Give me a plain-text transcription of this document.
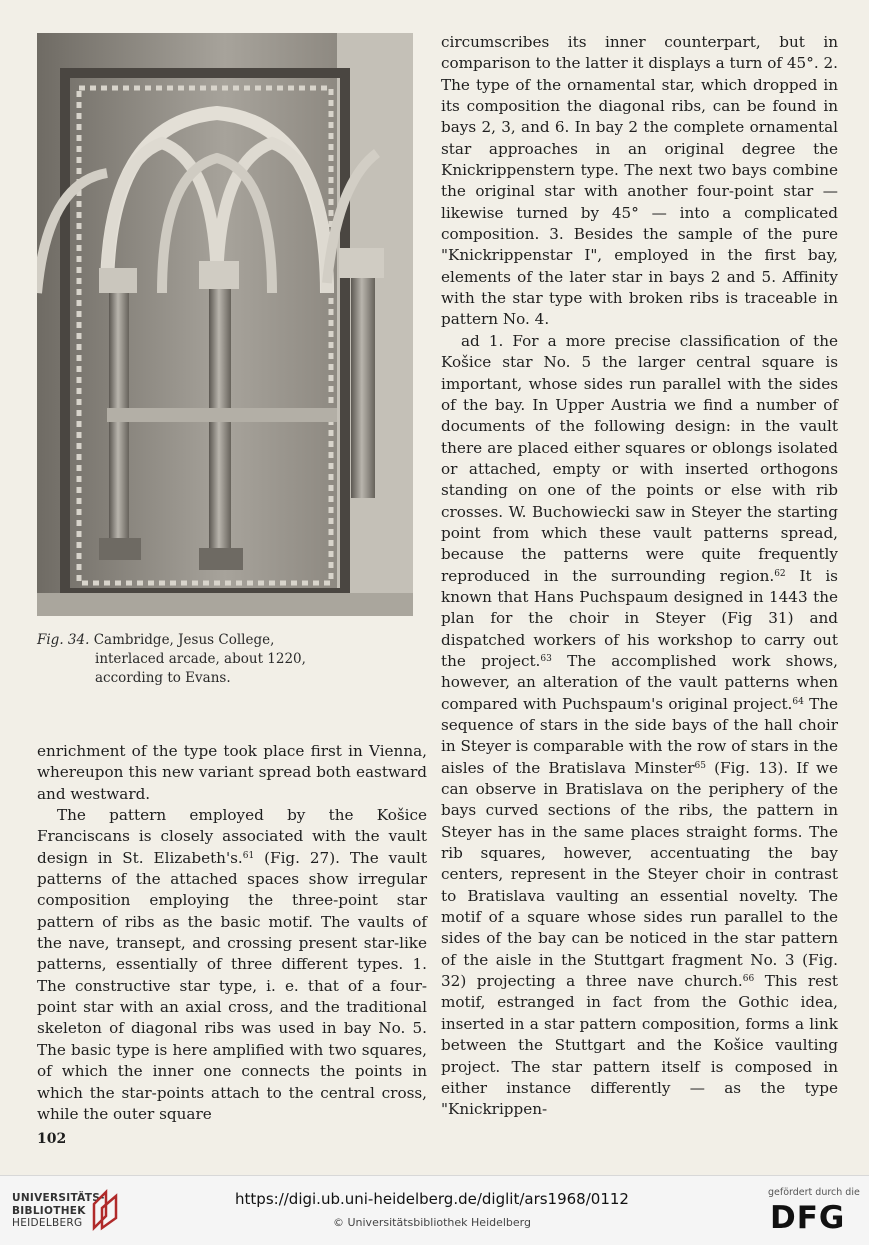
Fig. 34. Cambridge, Jesus College,
interlaced arcade, about 1220,
according to Evans.

enrichment of the type took place first in Vienna, whereupon this new variant spread both eastward and westward.

The pattern employed by the Košice Franciscans is closely associated with the vault design in St. Elizabeth's.$^{61}$ (Fig. 27). The vault patterns of the attached spaces show irregular composition employing the three-point star pattern of ribs as the basic motif. The vaults of the nave, transept, and crossing present star-like patterns, essentially of three different types. 1. The constructive star type, i. e. that of a four-point star with an axial cross, and the traditional skeleton of diagonal ribs was used in bay No. 5. The basic type is here amplified with two squares, of which the inner one connects the points in which the star-points attach to the central cross, while the outer square

circumscribes its inner counterpart, but in comparison to the latter it displays a turn of 45°. 2. The type of the ornamental star, which dropped in its composition the diagonal ribs, can be found in bays 2, 3, and 6. In bay 2 the complete ornamental star approaches in an original degree the Knickrippenstern type. The next two bays combine the original star with another four-point star — likewise turned by 45° — into a complicated composition. 3. Besides the sample of the pure "Knickrippenstar I", employed in the first bay, elements of the later star in bays 2 and 5. Affinity with the star type with broken ribs is traceable in pattern No. 4.

ad 1. For a more precise classification of the Košice star No. 5 the larger central square is important, whose sides run parallel with the sides of the bay. In Upper Austria we find a number of documents of the following design: in the vault there are placed either squares or oblongs isolated or attached, empty or with inserted orthogons standing on one of the points or else with rib crosses. W. Buchowiecki saw in Steyer the starting point from which these vault patterns spread, because the patterns were quite frequently reproduced in the surrounding region.$^{62}$ It is known that Hans Puchspaum designed in 1443 the plan for the choir in Steyer (Fig 31) and dispatched workers of his workshop to carry out the project.$^{63}$ The accomplished work shows, however, an alteration of the vault patterns when compared with Puchspaum's original project.$^{64}$ The sequence of stars in the side bays of the hall choir in Steyer is comparable with the row of stars in the aisles of the Bratislava Minster$^{65}$ (Fig. 13). If we can observe in Bratislava on the periphery of the bays curved sections of the ribs, the pattern in Steyer has in the same places straight forms. The rib squares, however, accentuating the bay centers, represent in the Steyer choir in contrast to Bratislava vaulting an essential novelty. The motif of a square whose sides run parallel to the sides of the bay can be noticed in the star pattern of the aisle in the Stuttgart fragment No. 3 (Fig. 32) projecting a three nave church.$^{66}$ This rest motif, estranged in fact from the Gothic idea, inserted in a star pattern composition, forms a link between the Stuttgart and the Košice vaulting project. The star pattern itself is composed in either instance differently — as the type "Knickrippen-

102
UNIVERSITÄTS-
BIBLIOTHEK
HEIDELBERG
https://digi.ub.uni-heidelberg.de/diglit/ars1968/0112
© Universitätsbibliothek Heidelberg
gefördert durch die
DFG
